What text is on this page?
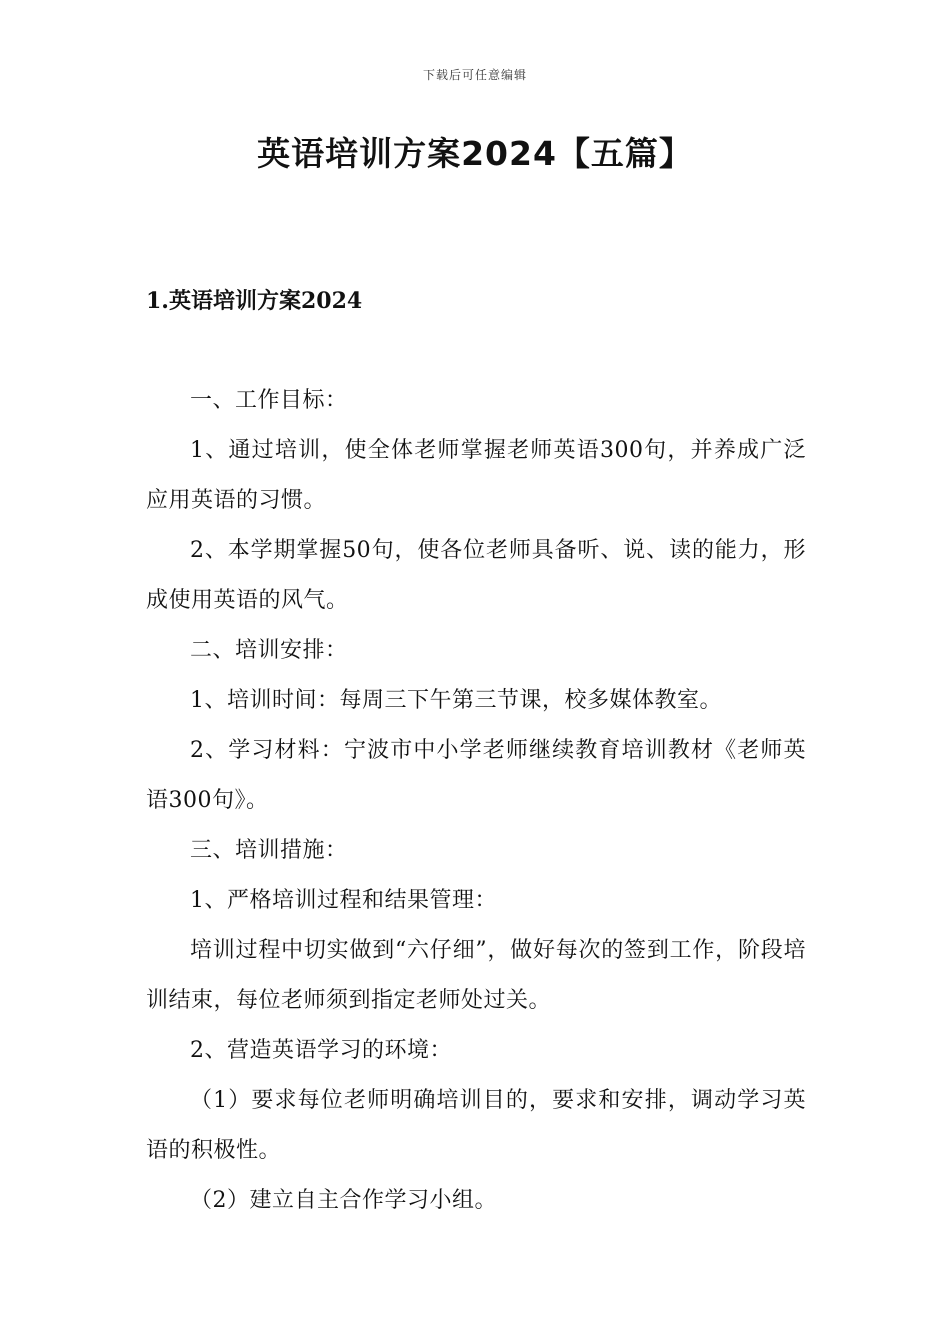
下载后可任意编辑
英语培训方案2024【五篇】
1.英语培训方案2024

一、工作目标：

1、通过培训，使全体老师掌握老师英语300句，并养成广泛应用英语的习惯。

2、本学期掌握50句，使各位老师具备听、说、读的能力，形成使用英语的风气。

二、培训安排：

1、培训时间：每周三下午第三节课，校多媒体教室。

2、学习材料：宁波市中小学老师继续教育培训教材《老师英语300句》。

三、培训措施：

1、严格培训过程和结果管理：

培训过程中切实做到“六仔细”，做好每次的签到工作，阶段培训结束，每位老师须到指定老师处过关。

2、营造英语学习的环境：

（1）要求每位老师明确培训目的，要求和安排，调动学习英语的积极性。

（2）建立自主合作学习小组。
